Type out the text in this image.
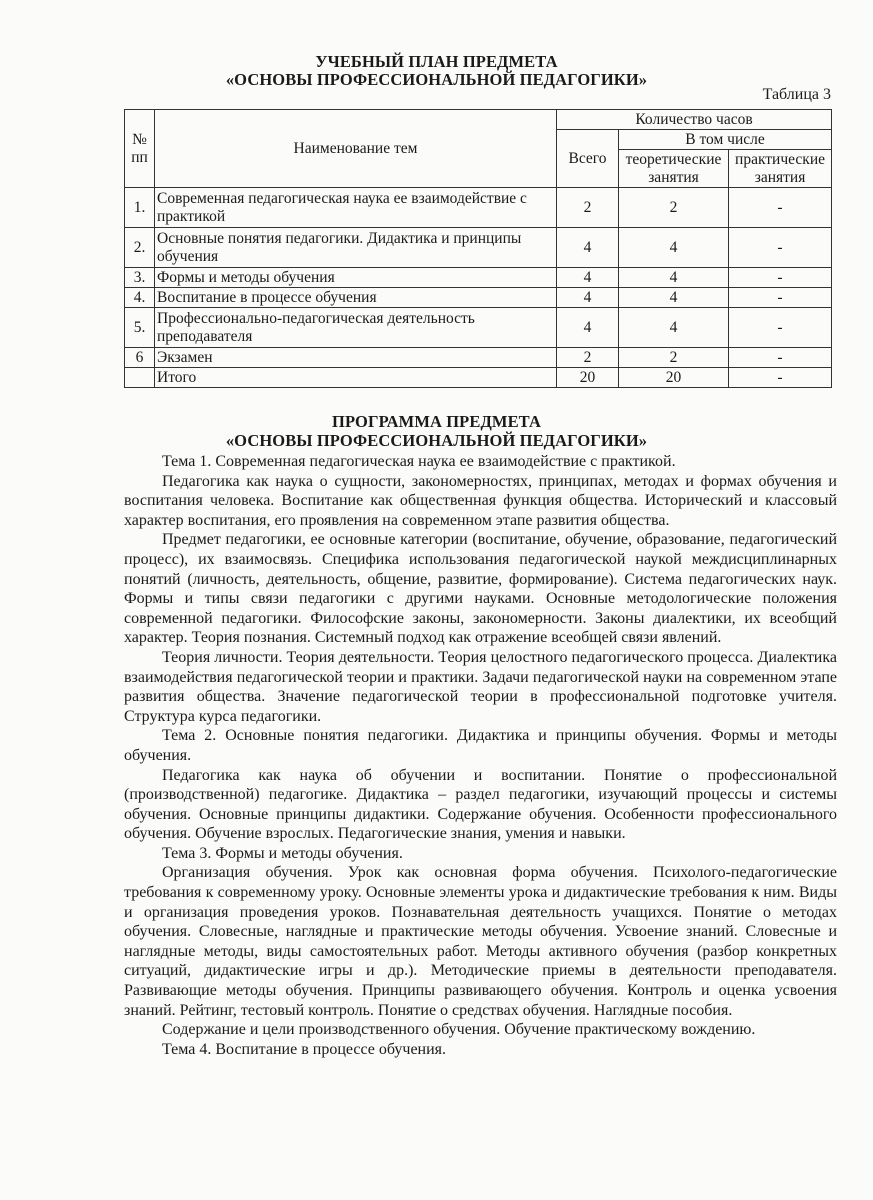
УЧЕБНЫЙ ПЛАН ПРЕДМЕТА
«ОСНОВЫ ПРОФЕССИОНАЛЬНОЙ ПЕДАГОГИКИ»
Таблица 3
№ пп	Наименование тем	Количество часов		
		Всего	В том числе	
			теоретические занятия	практические занятия
1.	Современная педагогическая наука ее взаимодействие с практикой	2	2	-
2.	Основные понятия педагогики. Дидактика и принципы обучения	4	4	-
3.	Формы и методы обучения	4	4	-
4.	Воспитание в процессе обучения	4	4	-
5.	Профессионально-педагогическая деятельность преподавателя	4	4	-
6	Экзамен	2	2	-
	Итого	20	20	-
ПРОГРАММА ПРЕДМЕТА
«ОСНОВЫ ПРОФЕССИОНАЛЬНОЙ ПЕДАГОГИКИ»

Тема 1. Современная педагогическая наука ее взаимодействие с практикой.

Педагогика как наука о сущности, закономерностях, принципах, методах и формах обучения и воспитания человека. Воспитание как общественная функция общества. Исторический и классовый характер воспитания, его проявления на современном этапе развития общества.

Предмет педагогики, ее основные категории (воспитание, обучение, образование, педагогический процесс), их взаимосвязь. Специфика использования педагогической наукой междисциплинарных понятий (личность, деятельность, общение, развитие, формирование). Система педагогических наук. Формы и типы связи педагогики с другими науками. Основные методологические положения современной педагогики. Философские законы, закономерности. Законы диалектики, их всеобщий характер. Теория познания. Системный подход как отражение всеобщей связи явлений.

Теория личности. Теория деятельности. Теория целостного педагогического процесса. Диалектика взаимодействия педагогической теории и практики. Задачи педагогической науки на современном этапе развития общества. Значение педагогической теории в профессиональной подготовке учителя. Структура курса педагогики.

Тема 2. Основные понятия педагогики. Дидактика и принципы обучения. Формы и методы обучения.

Педагогика как наука об обучении и воспитании. Понятие о профессиональной (производственной) педагогике. Дидактика – раздел педагогики, изучающий процессы и системы обучения. Основные принципы дидактики. Содержание обучения. Особенности профессионального обучения. Обучение взрослых. Педагогические знания, умения и навыки.

Тема 3. Формы и методы обучения.

Организация обучения. Урок как основная форма обучения. Психолого-педагогические требования к современному уроку. Основные элементы урока и дидактические требования к ним. Виды и организация проведения уроков. Познавательная деятельность учащихся. Понятие о методах обучения. Словесные, наглядные и практические методы обучения. Усвоение знаний. Словесные и наглядные методы, виды самостоятельных работ. Методы активного обучения (разбор конкретных ситуаций, дидактические игры и др.). Методические приемы в деятельности преподавателя. Развивающие методы обучения. Принципы развивающего обучения. Контроль и оценка усвоения знаний. Рейтинг, тестовый контроль. Понятие о средствах обучения. Наглядные пособия.

Содержание и цели производственного обучения. Обучение практическому вождению.

Тема 4. Воспитание в процессе обучения.
